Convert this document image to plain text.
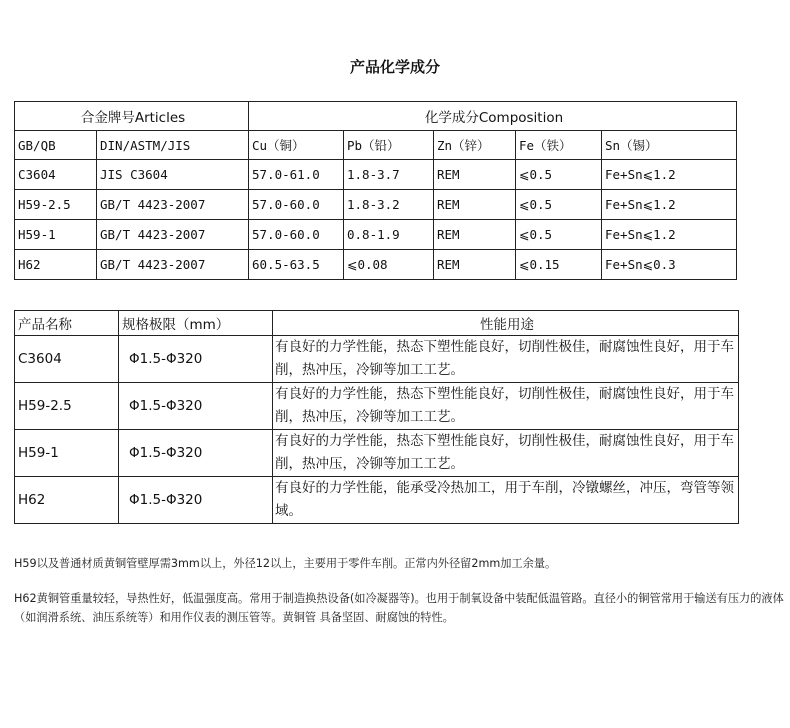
产品化学成分
合金牌号Articles		化学成分Composition				
GB/QB	DIN/ASTM/JIS	Cu（铜）	Pb（铅）	Zn（锌）	Fe（铁）	Sn（锡）
C3604	JIS C3604	57.0-61.0	1.8-3.7	REM	⩽0.5	Fe+Sn⩽1.2
H59-2.5	GB/T 4423-2007	57.0-60.0	1.8-3.2	REM	⩽0.5	Fe+Sn⩽1.2
H59-1	GB/T 4423-2007	57.0-60.0	0.8-1.9	REM	⩽0.5	Fe+Sn⩽1.2
H62	GB/T 4423-2007	60.5-63.5	⩽0.08	REM	⩽0.15	Fe+Sn⩽0.3
产品名称	规格极限（mm）	性能用途
C3604	Φ1.5-Φ320	有良好的力学性能，热态下塑性能良好，切削性极佳，耐腐蚀性良好，用于车削，热冲压，冷铆等加工工艺。
H59-2.5	Φ1.5-Φ320	有良好的力学性能，热态下塑性能良好，切削性极佳，耐腐蚀性良好，用于车削，热冲压，冷铆等加工工艺。
H59-1	Φ1.5-Φ320	有良好的力学性能，热态下塑性能良好，切削性极佳，耐腐蚀性良好，用于车削，热冲压，冷铆等加工工艺。
H62	Φ1.5-Φ320	有良好的力学性能，能承受冷热加工，用于车削，冷镦螺丝，冲压，弯管等领域。
H59以及普通材质黄铜管壁厚需3mm以上，外径12以上，主要用于零件车削。正常内外径留2mm加工余量。
H62黄铜管重量较轻，导热性好，低温强度高。常用于制造换热设备(如冷凝器等)。也用于制氧设备中装配低温管路。直径小的铜管常用于输送有压力的液体（如润滑系统、油压系统等）和用作仪表的测压管等。黄铜管 具备坚固、耐腐蚀的特性。
